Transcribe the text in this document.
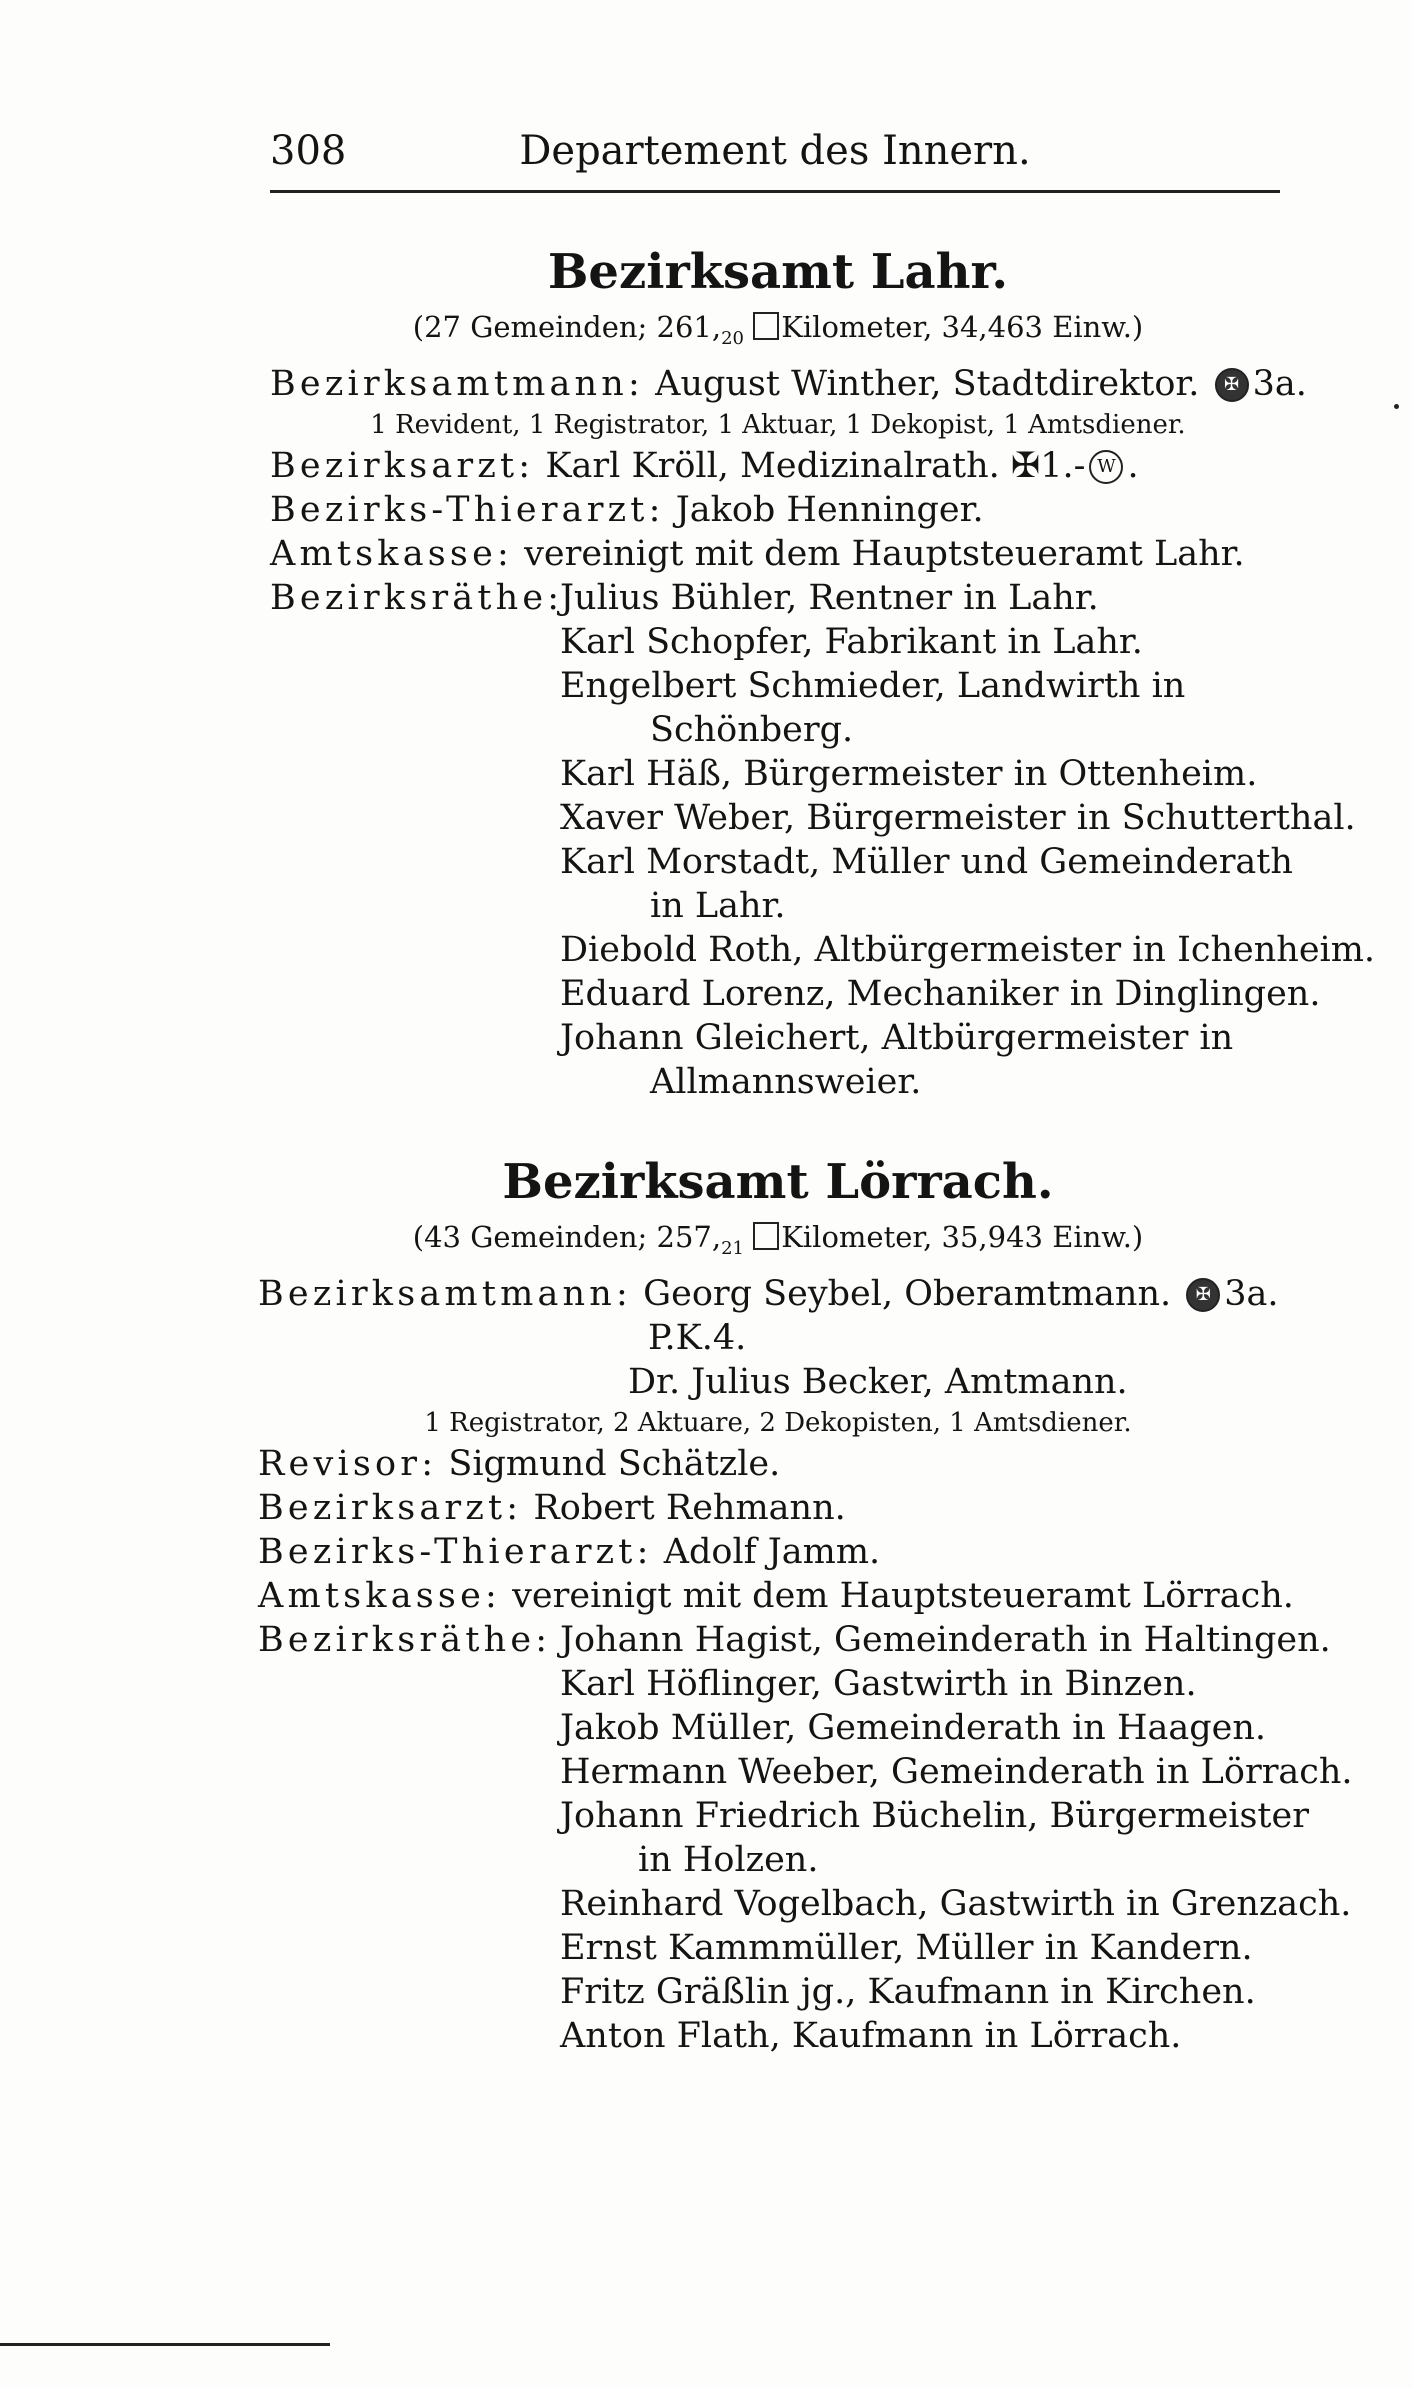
308	Departement des Innern.
Bezirksamt Lahr.
(27 Gemeinden; $261,_{20}$ Kilometer, 34,463 Einw.)
Bezirksamtmann: August Winther, Stadtdirektor. ✠ 3a.
1 Revident, 1 Registrator, 1 Aktuar, 1 Dekopist, 1 Amtsdiener.
Bezirksarzt: Karl Kröll, Medizinalrath. ✠1.- W .
Bezirks-Thierarzt: Jakob Henninger.
Amtskasse: vereinigt mit dem Hauptsteueramt Lahr.
Bezirksräthe:
Julius Bühler, Rentner in Lahr.
Karl Schopfer, Fabrikant in Lahr.
Engelbert Schmieder, Landwirth in
Schönberg.
Karl Häß, Bürgermeister in Ottenheim.
Xaver Weber, Bürgermeister in Schutterthal.
Karl Morstadt, Müller und Gemeinderath
in Lahr.
Diebold Roth, Altbürgermeister in Ichenheim.
Eduard Lorenz, Mechaniker in Dinglingen.
Johann Gleichert, Altbürgermeister in
Allmannsweier.
Bezirksamt Lörrach.
(43 Gemeinden; $257,_{21}$ Kilometer, 35,943 Einw.)
Bezirksamtmann: Georg Seybel, Oberamtmann. ✠ 3a.
P.K.4.
Dr. Julius Becker, Amtmann.
1 Registrator, 2 Aktuare, 2 Dekopisten, 1 Amtsdiener.
Revisor: Sigmund Schätzle.
Bezirksarzt: Robert Rehmann.
Bezirks-Thierarzt: Adolf Jamm.
Amtskasse: vereinigt mit dem Hauptsteueramt Lörrach.
Bezirksräthe: Johann Hagist, Gemeinderath in Haltingen.
Karl Höflinger, Gastwirth in Binzen.
Jakob Müller, Gemeinderath in Haagen.
Hermann Weeber, Gemeinderath in Lörrach.
Johann Friedrich Büchelin, Bürgermeister
in Holzen.
Reinhard Vogelbach, Gastwirth in Grenzach.
Ernst Kammmüller, Müller in Kandern.
Fritz Gräßlin jg., Kaufmann in Kirchen.
Anton Flath, Kaufmann in Lörrach.
